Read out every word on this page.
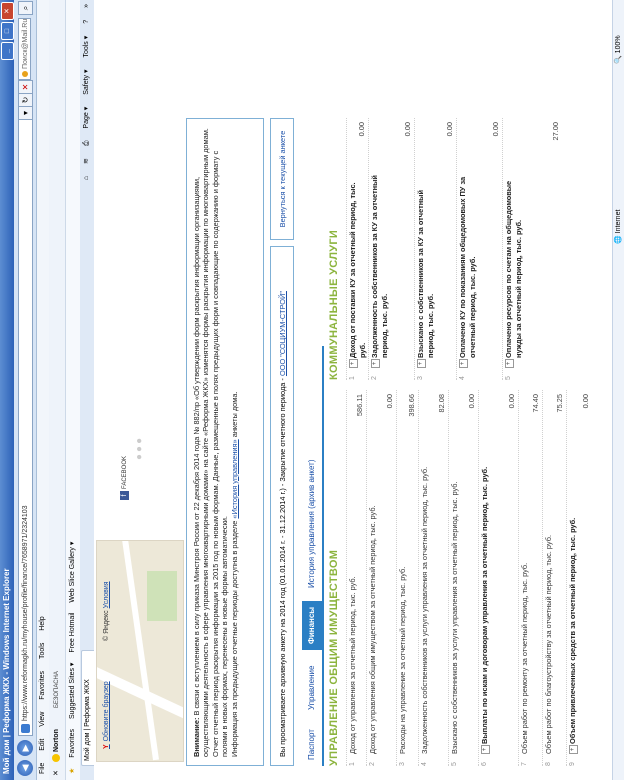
Мой дом | Реформа ЖКХ - Windows Internet Explorer
_
□
✕
◀
▶
https://www.reformagkh.ru/myhouse/profile/finance/7658971/2324103
▾
↻
✕
Поиск@Mail.Ru
⌕
File Edit View Favorites Tools Help
✕
Norton
БЕЗОПАСНА
★ Favorites Suggested Sites ▾ Free Hotmail Web Slice Gallery ▾
Мой дом | Реформа ЖКХ
⌂ ≋ ⎙ Page ▾ Safety ▾ Tools ▾ ? »
YОбновите браузер
© Яндекс Условия
fFACEBOOK
●●●
Внимание: В связи с вступлением в силу приказа Минстроя России от 22 декабря 2014 года № 882/пр «Об утверждении форм раскрытия информации организациями, осуществляющими деятельность в сфере управления многоквартирными домами» на сайте «Реформа ЖКХ» изменятся формы раскрытия информации по многоквартирным домам.
Отчет отчетный период раскрытия информации за 2015 год по новым формам. Данные, размещенные в полях предыдущих форм и совпадающие по содержанию и формату с полями в новых формах, перенесены в новые формы автоматически.
Информация за предыдущие отчетные периоды доступна в разделе «История управления» анкеты дома.	Вы просматриваете архивную анкету на 2014 год (01.01.2014 г. - 31.12.2014 г.) - Закрытие отчетного периода - ООО "СОЦИУМ-СТРОЙ"
Вернуться к текущей анкете
Паспорт
Управление
Финансы
История управления (архив анкет)
УПРАВЛЕНИЕ ОБЩИМ ИМУЩЕСТВОМ
КОММУНАЛЬНЫЕ УСЛУГИ
1
Доход от управления за отчетный период, тыс. руб.
586.11
2
Доход от управления общим имуществом за отчетный период, тыс. руб.
0.00
3
Расходы на управление за отчетный период, тыс. руб.
398.66
4
Задолженность собственников за услуги управления за отчетный период, тыс. руб.
82.08
5
Взыскано с собственников за услуги управления за отчетный период, тыс. руб.
0.00
6
+
Выплаты по искам и договорам управления за отчетный период, тыс. руб.
0.00
7
Объем работ по ремонту за отчетный период, тыс. руб.
74.40
8
Объем работ по благоустройству за отчетный период, тыс. руб.
75.25
9
+
Объем привлеченных средств за отчетный период, тыс. руб.
0.00
1
+
Доход от поставки КУ за отчетный период, тыс. руб.
0.00
2
+
Задолженность собственников за КУ за отчетный период, тыс. руб.
0.00
3
+
Взыскано с собственников за КУ за отчетный период, тыс. руб.
0.00
4
+
Оплачено КУ по показаниям общедомовых ПУ за отчетный период, тыс. руб.
0.00
5
+
Оплачено ресурсов по счетам на общедомовые нужды за отчетный период, тыс. руб.
27.00
🌐 Internet
🔍 100%
